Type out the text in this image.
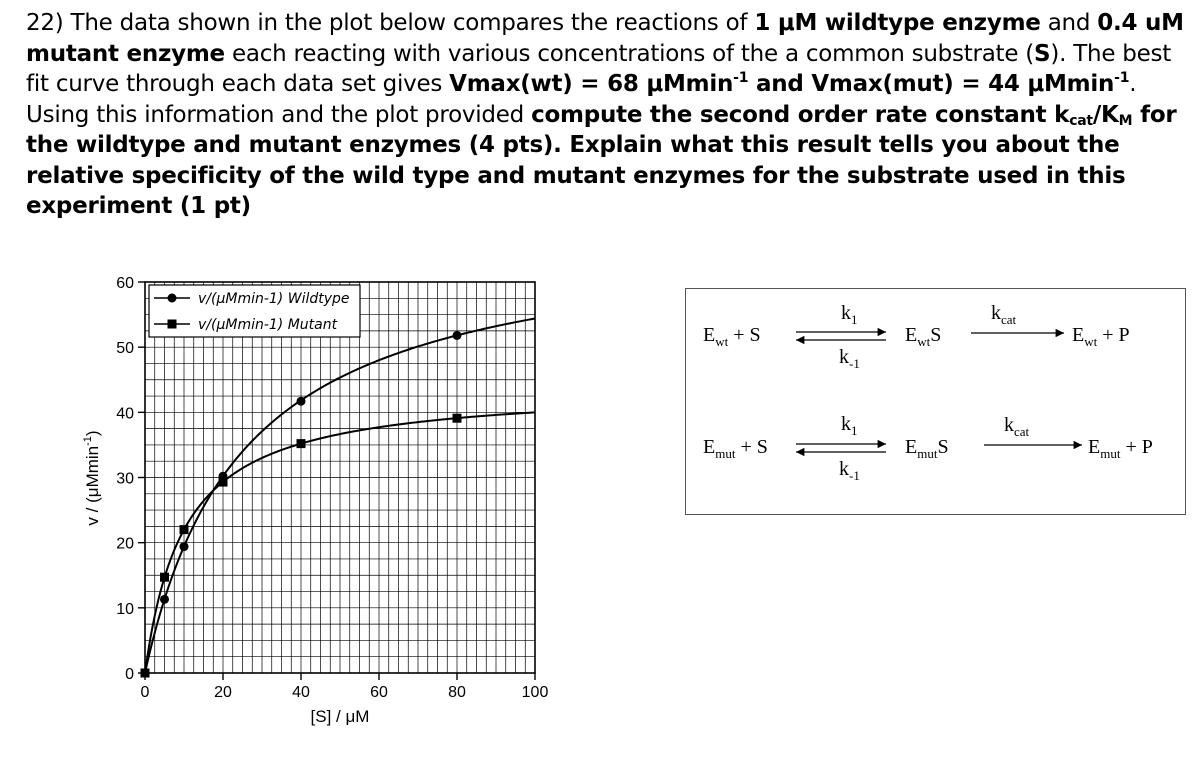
22) The data shown in the plot below compares the reactions of 1 μM wildtype enzyme and 0.4 uM mutant enzyme each reacting with various concentrations of the a common substrate (S). The best fit curve through each data set gives Vmax(wt) = 68 μMmin$^{-1}$ and Vmax(mut) = 44 μMmin$^{-1}$. Using this information and the plot provided compute the second order rate constant $k_{cat}/K_M$ for the wildtype and mutant enzymes (4 pts). Explain what this result tells you about the relative specificity of the wild type and mutant enzymes for the substrate used in this experiment (1 pt)
0	20	40	60	80	100
0
10
20
30
40
50
60
v/(μMmin-1) Wildtype
v/(μMmin-1) Mutant
[S] / μM
v / (μMmin$^{-1}$)
$E_{wt} + S$
$k_1$
$k_{-1}$
$E_{wt}S$
$k_{cat}$
$E_{wt} + P$
$E_{mut} + S$
$k_1$
$k_{-1}$
$E_{mut}S$
$k_{cat}$
$E_{mut} + P$
